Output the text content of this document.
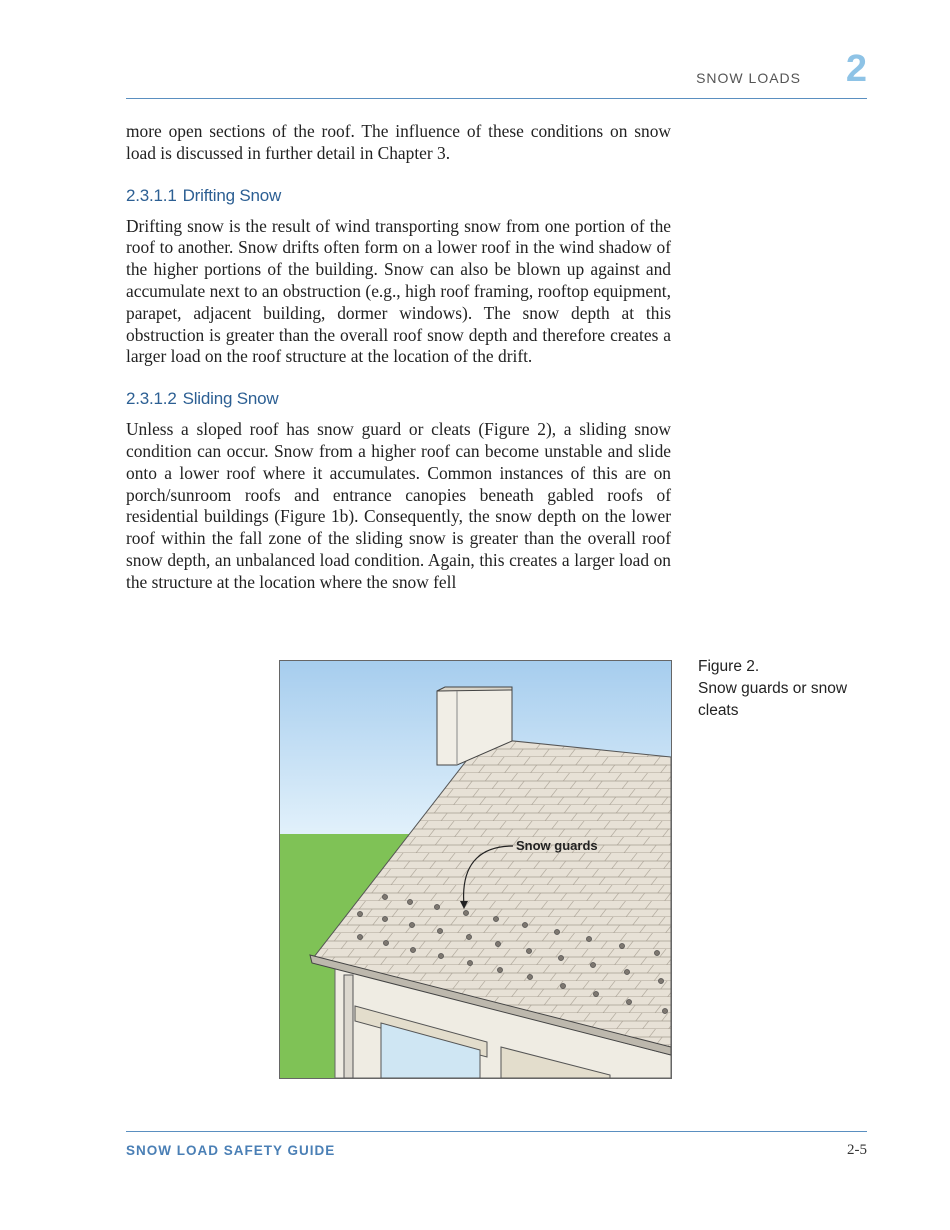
SNOW LOADS 2

more open sections of the roof. The influence of these conditions on snow load is discussed in further detail in Chapter 3.

2.3.1.1 Drifting Snow

Drifting snow is the result of wind transporting snow from one portion of the roof to another. Snow drifts often form on a lower roof in the wind shadow of the higher portions of the building. Snow can also be blown up against and accumulate next to an obstruction (e.g., high roof framing, rooftop equipment, parapet, adjacent building, dormer windows). The snow depth at this obstruction is greater than the overall roof snow depth and therefore creates a larger load on the roof structure at the location of the drift.

2.3.1.2 Sliding Snow

Unless a sloped roof has snow guard or cleats (Figure 2), a sliding snow condition can occur. Snow from a higher roof can become unstable and slide onto a lower roof where it accumulates. Common instances of this are on porch/sunroom roofs and entrance canopies beneath gabled roofs of residential buildings (Figure 1b). Consequently, the snow depth on the lower roof within the fall zone of the sliding snow is greater than the overall roof snow depth, an unbalanced load condition. Again, this creates a larger load on the structure at the location where the snow fell

Snow guards
Figure 2.
Snow guards or snow cleats
SNOW LOAD SAFETY GUIDE	2-5
